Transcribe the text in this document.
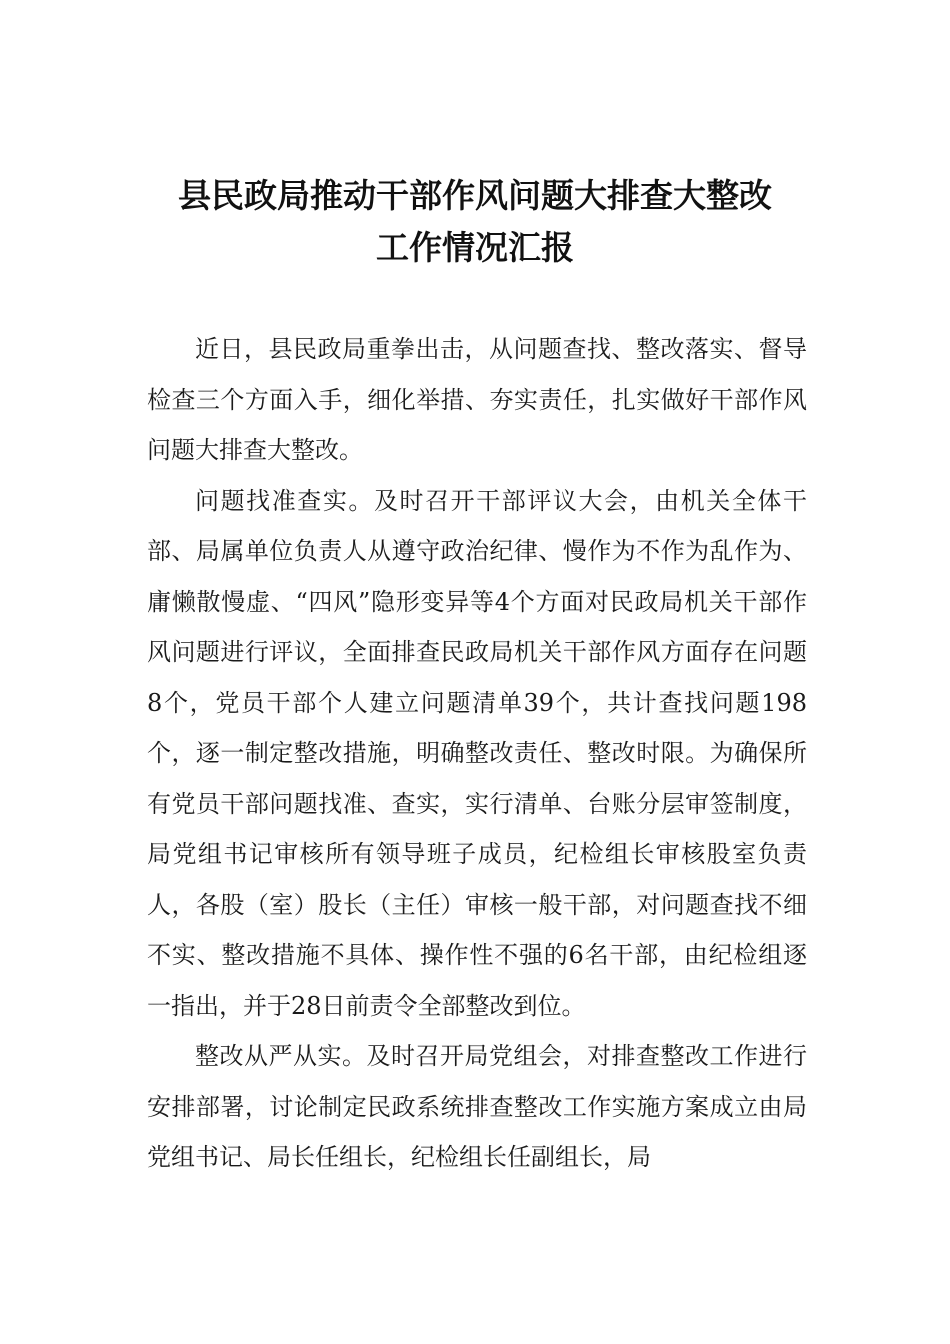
县民政局推动干部作风问题大排查大整改
工作情况汇报

近日，县民政局重拳出击，从问题查找、整改落实、督导检查三个方面入手，细化举措、夯实责任，扎实做好干部作风问题大排查大整改。

问题找准查实。及时召开干部评议大会，由机关全体干部、局属单位负责人从遵守政治纪律、慢作为不作为乱作为、庸懒散慢虚、“四风”隐形变异等4个方面对民政局机关干部作风问题进行评议，全面排查民政局机关干部作风方面存在问题8个，党员干部个人建立问题清单39个，共计查找问题198个，逐一制定整改措施，明确整改责任、整改时限。为确保所有党员干部问题找准、查实，实行清单、台账分层审签制度，局党组书记审核所有领导班子成员，纪检组长审核股室负责人，各股（室）股长（主任）审核一般干部，对问题查找不细不实、整改措施不具体、操作性不强的6名干部，由纪检组逐一指出，并于28日前责令全部整改到位。

整改从严从实。及时召开局党组会，对排查整改工作进行安排部署，讨论制定民政系统排查整改工作实施方案成立由局党组书记、局长任组长，纪检组长任副组长，局
